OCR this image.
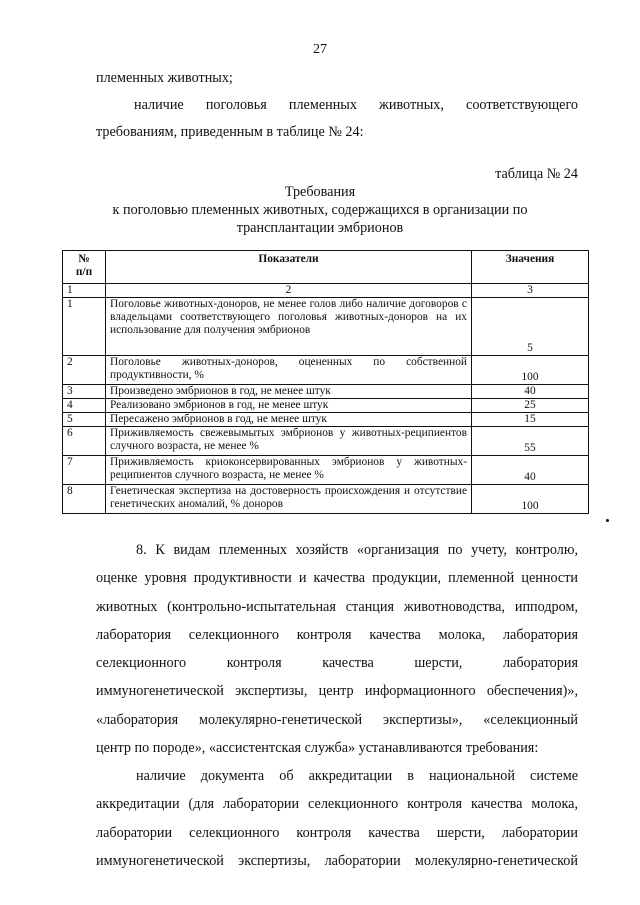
27
племенных животных;
наличие поголовья племенных животных, соответствующего
требованиям, приведенным в таблице № 24:
таблица № 24
Требования
к поголовью племенных животных, содержащихся в организации по
трансплантации эмбрионов
№
п/п	Показатели	Значения
1	2	3
1	Поголовье животных-доноров, не менее голов либо наличие договоров с владельцами соответствующего поголовья животных-доноров на их использование для получения эмбрионов	5
2	Поголовье животных-доноров, оцененных по собственной продуктивности, %	100
3	Произведено эмбрионов в год, не менее штук	40
4	Реализовано эмбрионов в год, не менее штук	25
5	Пересажено эмбрионов в год, не менее штук	15
6	Приживляемость свежевымытых эмбрионов у животных-реципиентов случного возраста, не менее %	55
7	Приживляемость криоконсервированных эмбрионов у животных-реципиентов случного возраста, не менее %	40
8	Генетическая экспертиза на достоверность происхождения и отсутствие генетических аномалий, % доноров	100
8. К видам племенных хозяйств «организация по учету, контролю,
оценке уровня продуктивности и качества продукции, племенной ценности
животных (контрольно-испытательная станция животноводства, ипподром,
лаборатория селекционного контроля качества молока, лаборатория
селекционного контроля качества шерсти, лаборатория
иммуногенетической экспертизы, центр информационного обеспечения)»,
«лаборатория молекулярно-генетической экспертизы», «селекционный
центр по породе», «ассистентская служба» устанавливаются требования:
наличие документа об аккредитации в национальной системе
аккредитации (для лаборатории селекционного контроля качества молока,
лаборатории селекционного контроля качества шерсти, лаборатории
иммуногенетической экспертизы, лаборатории молекулярно-генетической
